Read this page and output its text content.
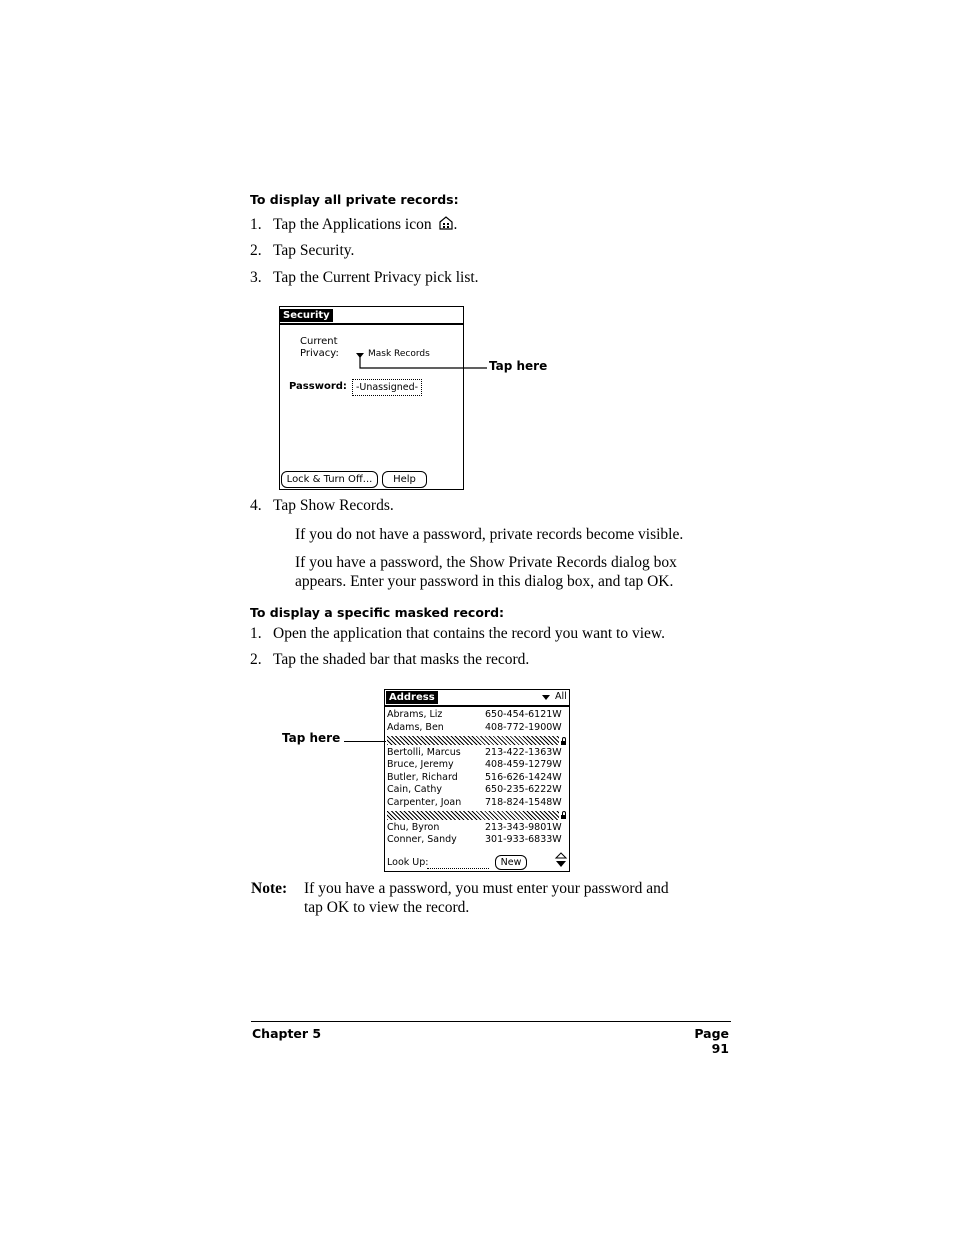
To display all private records:
1. Tap the Applications icon .
2. Tap Security.
3. Tap the Current Privacy pick list.
Security
Current
Privacy:	Mask Records
Password: -Unassigned-
Lock & Turn Off...	Help
Tap here
4. Tap Show Records.
If you do not have a password, private records become visible.
If you have a password, the Show Private Records dialog box
appears. Enter your password in this dialog box, and tap OK.
To display a specific masked record:
1. Open the application that contains the record you want to view.
2. Tap the shaded bar that masks the record.
Address	All
Abrams, Liz	650-454-6121W
Adams, Ben	408-772-1900W
Bertolli, Marcus	213-422-1363W
Bruce, Jeremy	408-459-1279W
Butler, Richard	516-626-1424W
Cain, Cathy	650-235-6222W
Carpenter, Joan	718-824-1548W
Chu, Byron	213-343-9801W
Conner, Sandy	301-933-6833W
Look Up:	New
Tap here
Note: If you have a password, you must enter your password and
tap OK to view the record.
Chapter 5	Page 91
